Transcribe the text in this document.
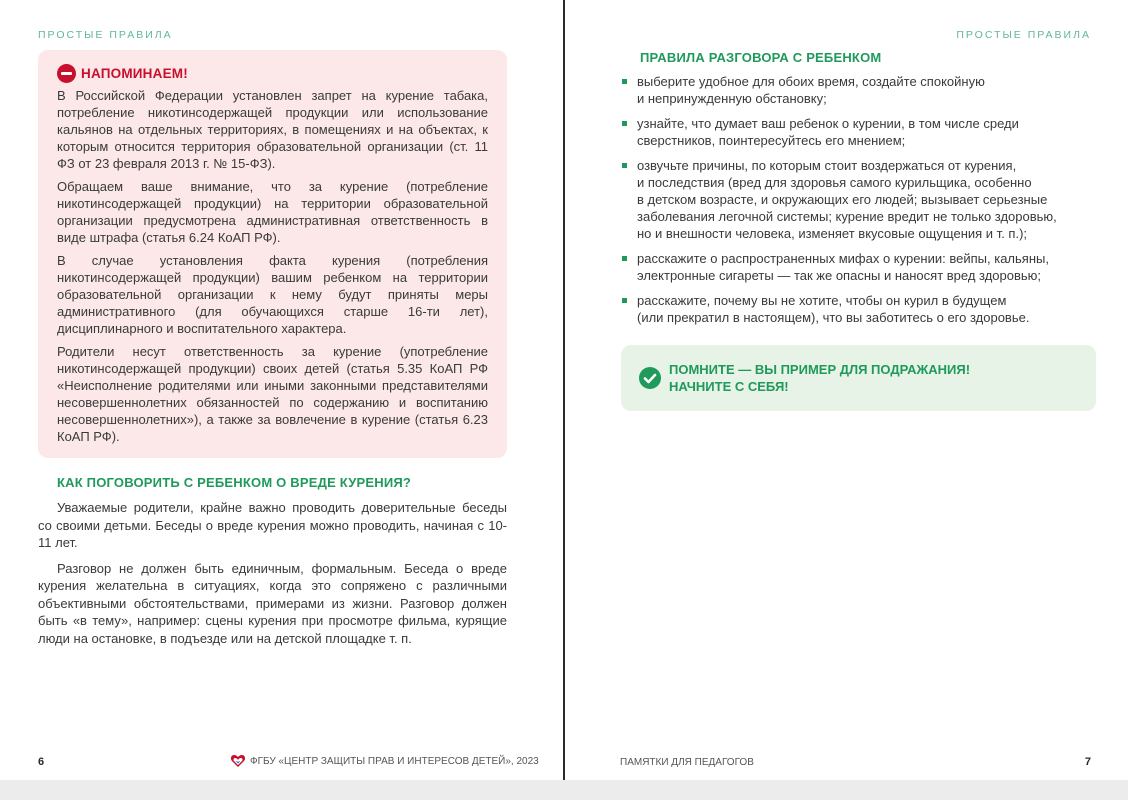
ПРОСТЫЕ ПРАВИЛА
НАПОМИНАЕМ!

В Российской Федерации установлен запрет на курение табака, потребление никотинсодержащей продукции или использование кальянов на отдельных территориях, в помещениях и на объектах, к которым относится территория образовательной организации (ст. 11 ФЗ от 23 февраля 2013 г. № 15-ФЗ).

Обращаем ваше внимание, что за курение (потребление никотинсодержащей продукции) на территории образовательной организации предусмотрена административная ответственность в виде штрафа (статья 6.24 КоАП РФ).

В случае установления факта курения (потребления никотинсодержащей продукции) вашим ребенком на территории образовательной организации к нему будут приняты меры административного (для обучающихся старше 16-ти лет), дисциплинарного и воспитательного характера.

Родители несут ответственность за курение (употребление никотинсодержащей продукции) своих детей (статья 5.35 КоАП РФ «Неисполнение родителями или иными законными представителями несовершеннолетних обязанностей по содержанию и воспитанию несовершеннолетних»), а также за вовлечение в курение (статья 6.23 КоАП РФ).

КАК ПОГОВОРИТЬ С РЕБЕНКОМ О ВРЕДЕ КУРЕНИЯ?

Уважаемые родители, крайне важно проводить доверительные беседы со своими детьми. Беседы о вреде курения можно проводить, начиная с 10-11 лет.

Разговор не должен быть единичным, формальным. Беседа о вреде курения желательна в ситуациях, когда это сопряжено с различными объективными обстоятельствами, примерами из жизни. Разговор должен быть «в тему», например: сцены курения при просмотре фильма, курящие люди на остановке, в подъезде или на детской площадке т. п.

6	ФГБУ «ЦЕНТР ЗАЩИТЫ ПРАВ И ИНТЕРЕСОВ ДЕТЕЙ», 2023
ПРОСТЫЕ ПРАВИЛА
ПРАВИЛА РАЗГОВОРА С РЕБЕНКОМ
выберите удобное для обоих время, создайте спокойную
и непринужденную обстановку;
узнайте, что думает ваш ребенок о курении, в том числе среди
сверстников, поинтересуйтесь его мнением;
озвучьте причины, по которым стоит воздержаться от курения,
и последствия (вред для здоровья самого курильщика, особенно
в детском возрасте, и окружающих его людей; вызывает серьезные
заболевания легочной системы; курение вредит не только здоровью,
но и внешности человека, изменяет вкусовые ощущения и т. п.);
расскажите о распространенных мифах о курении: вейпы, кальяны,
электронные сигареты — так же опасны и наносят вред здоровью;
расскажите, почему вы не хотите, чтобы он курил в будущем
(или прекратил в настоящем), что вы заботитесь о его здоровье.
ПОМНИТЕ — ВЫ ПРИМЕР ДЛЯ ПОДРАЖАНИЯ!
НАЧНИТЕ С СЕБЯ!
ПАМЯТКИ ДЛЯ ПЕДАГОГОВ	7
